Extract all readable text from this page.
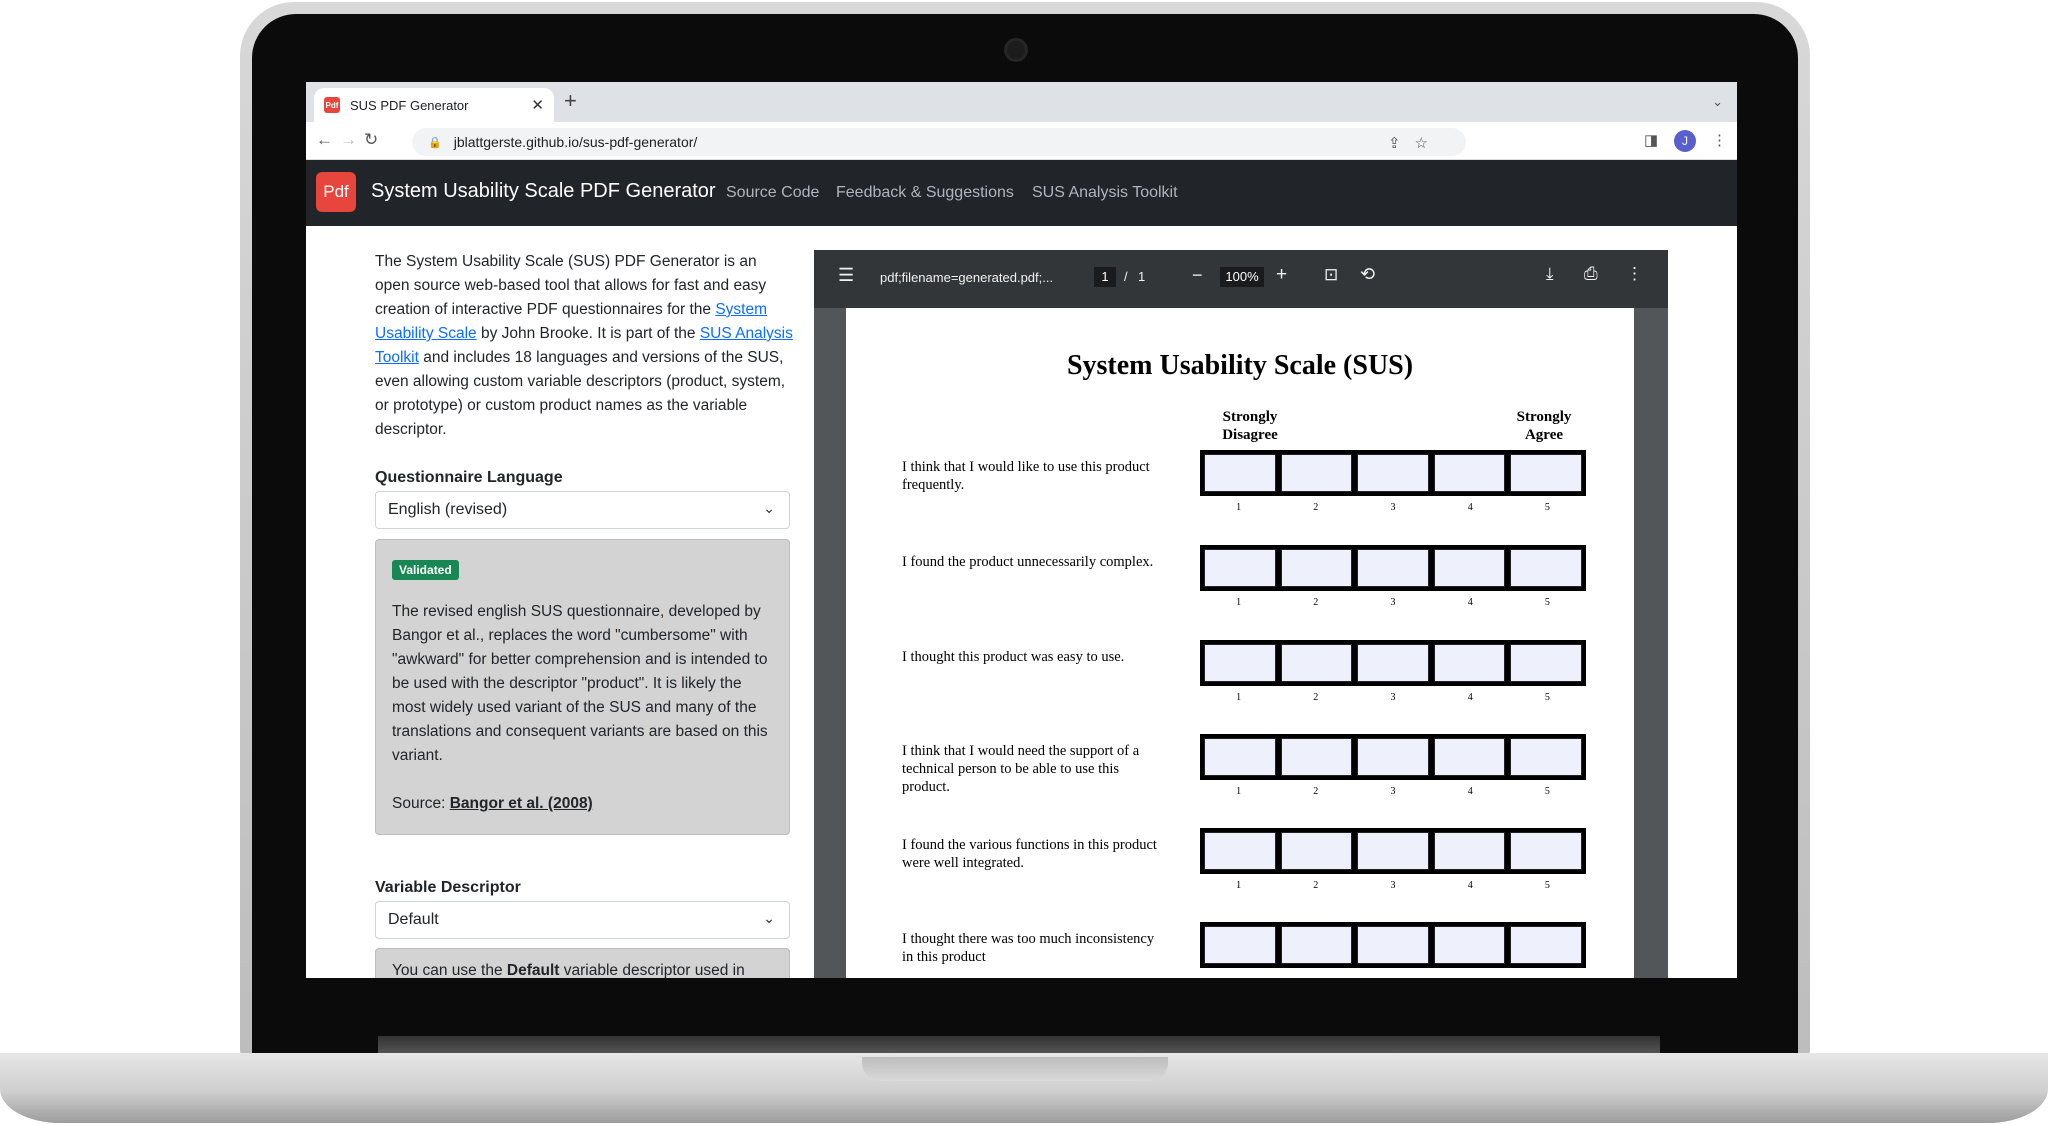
Pdf SUS PDF Generator	✕ +	⌄
← → ↻	🔒 jblattgerste.github.io/sus-pdf-generator/	⇪☆	◨	J	⋮
Pdf	System Usability Scale PDF Generator Source Code Feedback & Suggestions SUS Analysis Toolkit

The System Usability Scale (SUS) PDF Generator is an open source web-based tool that allows for fast and easy creation of interactive PDF questionnaires for the System Usability Scale by John Brooke. It is part of the SUS Analysis Toolkit and includes 18 languages and versions of the SUS, even allowing custom variable descriptors (product, system, or prototype) or custom product names as the variable descriptor.

Questionnaire Language
English (revised)	⌄
Validated

The revised english SUS questionnaire, developed by Bangor et al., replaces the word "cumbersome" with "awkward" for better comprehension and is intended to be used with the descriptor "product". It is likely the most widely used variant of the SUS and many of the translations and consequent variants are based on this variant.

Source: Bangor et al. (2008)

Variable Descriptor
Default	⌄
You can use the Default variable descriptor used in
☰ pdf;filename=generated.pdf;...	1	/ 1	−	100% + ⊡ ⟲	⤓ ⎙ ⋮
System Usability Scale (SUS)
Strongly Disagree
Strongly Agree
I think that I would like to use this product frequently.
1	2	3	4	5
I found the product unnecessarily complex.
1	2	3	4	5
I thought this product was easy to use.
1	2	3	4	5
I think that I would need the support of a technical person to be able to use this product.	1	2	3	4	5
I found the various functions in this product were well integrated.
1	2	3	4	5
I thought there was too much inconsistency in this product
